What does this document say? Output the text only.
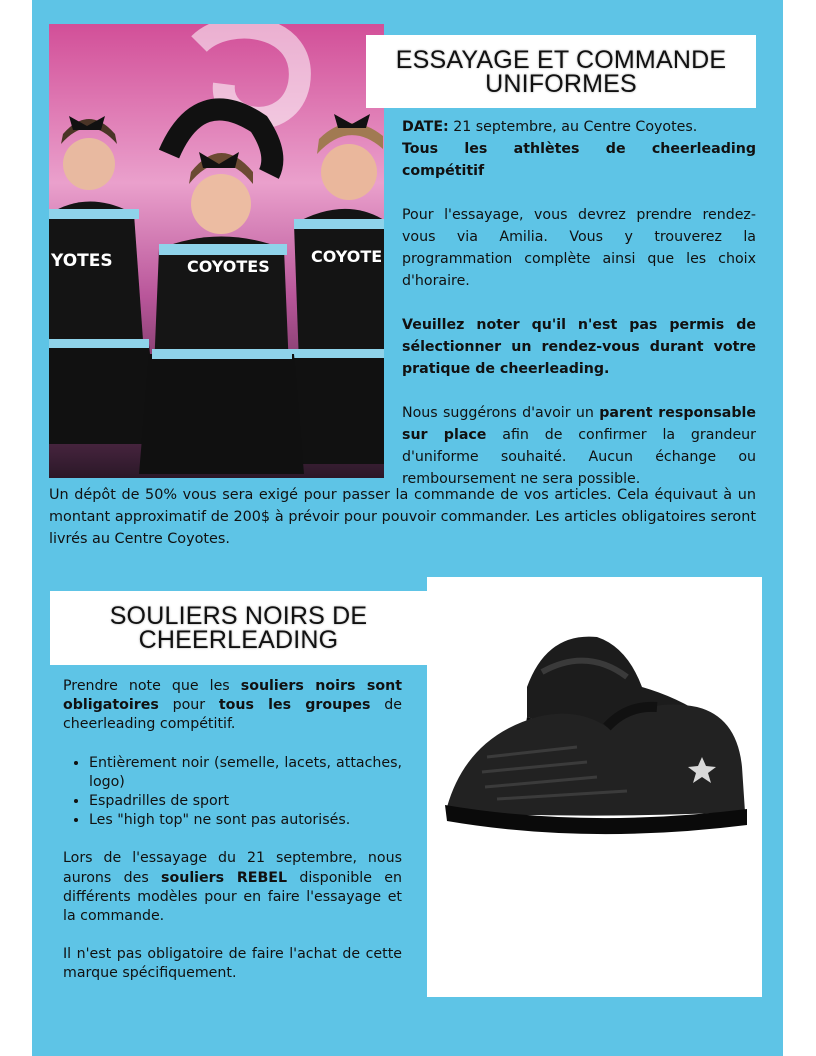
YOTES	COYOTES
COYOTE
ESSAYAGE ET COMMANDE
UNIFORMES

DATE: 21 septembre, au Centre Coyotes.

Tous les athlètes de cheerleading compétitif

Pour l'essayage, vous devrez prendre rendez-vous via Amilia. Vous y trouverez la programmation complète ainsi que les choix d'horaire.

Veuillez noter qu'il n'est pas permis de sélectionner un rendez-vous durant votre pratique de cheerleading.

Nous suggérons d'avoir un parent responsable sur place afin de confirmer la grandeur d'uniforme souhaité. Aucun échange ou remboursement ne sera possible.

Un dépôt de 50% vous sera exigé pour passer la commande de vos articles. Cela équivaut à un montant approximatif de 200$ à prévoir pour pouvoir commander. Les articles obligatoires seront livrés au Centre Coyotes.

SOULIERS NOIRS DE
CHEERLEADING

Prendre note que les souliers noirs sont obligatoires pour tous les groupes de cheerleading compétitif.

• Entièrement noir (semelle, lacets, attaches, logo)
• Espadrilles de sport
• Les "high top" ne sont pas autorisés.

Lors de l'essayage du 21 septembre, nous aurons des souliers REBEL disponible en différents modèles pour en faire l'essayage et la commande.

Il n'est pas obligatoire de faire l'achat de cette marque spécifiquement.
